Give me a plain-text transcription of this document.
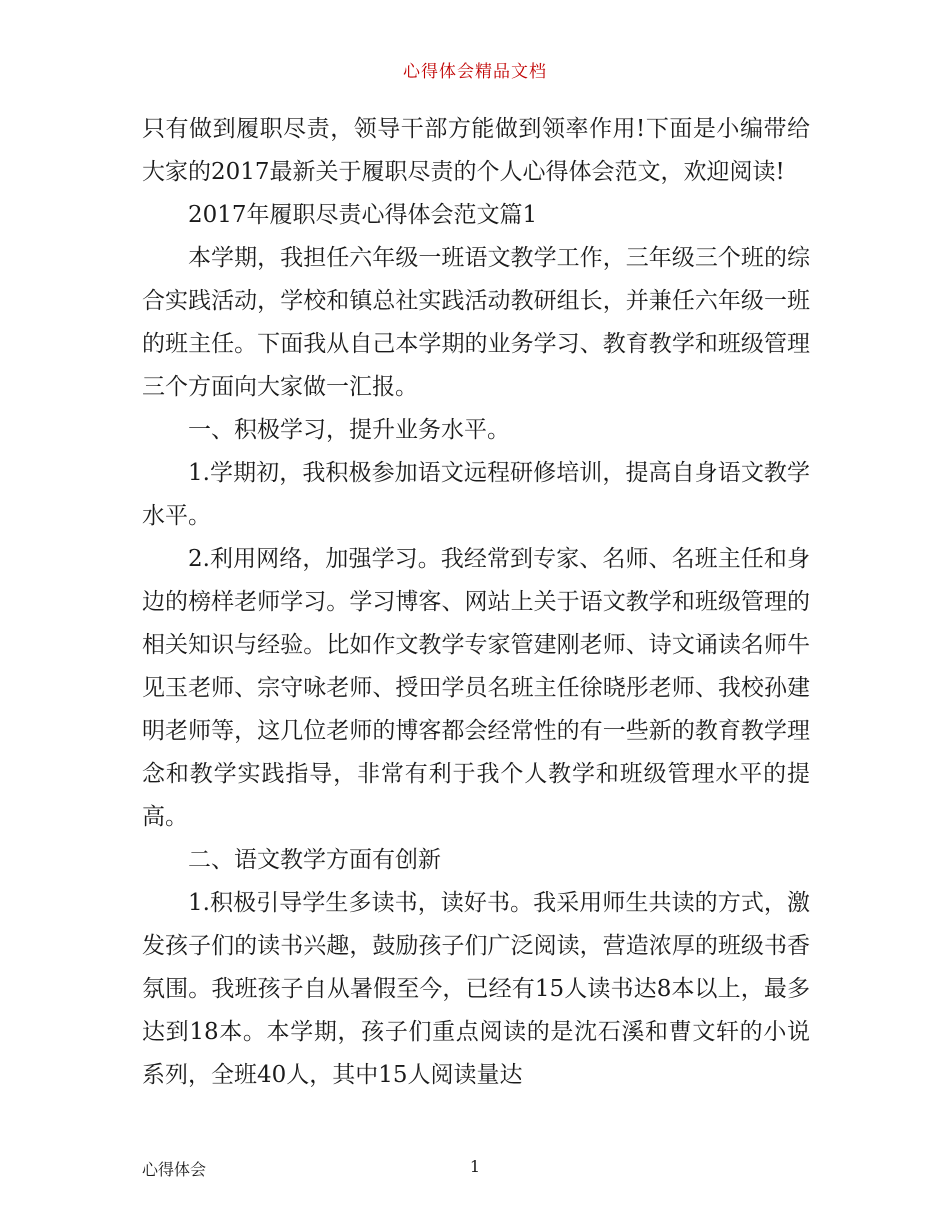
心得体会精品文档

只有做到履职尽责，领导干部方能做到领率作用!下面是小编带给大家的2017最新关于履职尽责的个人心得体会范文，欢迎阅读!

2017年履职尽责心得体会范文篇1

本学期，我担任六年级一班语文教学工作，三年级三个班的综合实践活动，学校和镇总社实践活动教研组长，并兼任六年级一班的班主任。下面我从自己本学期的业务学习、教育教学和班级管理三个方面向大家做一汇报。

一、积极学习，提升业务水平。

1.学期初，我积极参加语文远程研修培训，提高自身语文教学水平。

2.利用网络，加强学习。我经常到专家、名师、名班主任和身边的榜样老师学习。学习博客、网站上关于语文教学和班级管理的相关知识与经验。比如作文教学专家管建刚老师、诗文诵读名师牛见玉老师、宗守咏老师、授田学员名班主任徐晓彤老师、我校孙建明老师等，这几位老师的博客都会经常性的有一些新的教育教学理念和教学实践指导，非常有利于我个人教学和班级管理水平的提高。

二、语文教学方面有创新

1.积极引导学生多读书，读好书。我采用师生共读的方式，激发孩子们的读书兴趣，鼓励孩子们广泛阅读，营造浓厚的班级书香氛围。我班孩子自从暑假至今，已经有15人读书达8本以上，最多达到18本。本学期，孩子们重点阅读的是沈石溪和曹文轩的小说系列，全班40人，其中15人阅读量达

心得体会	1
